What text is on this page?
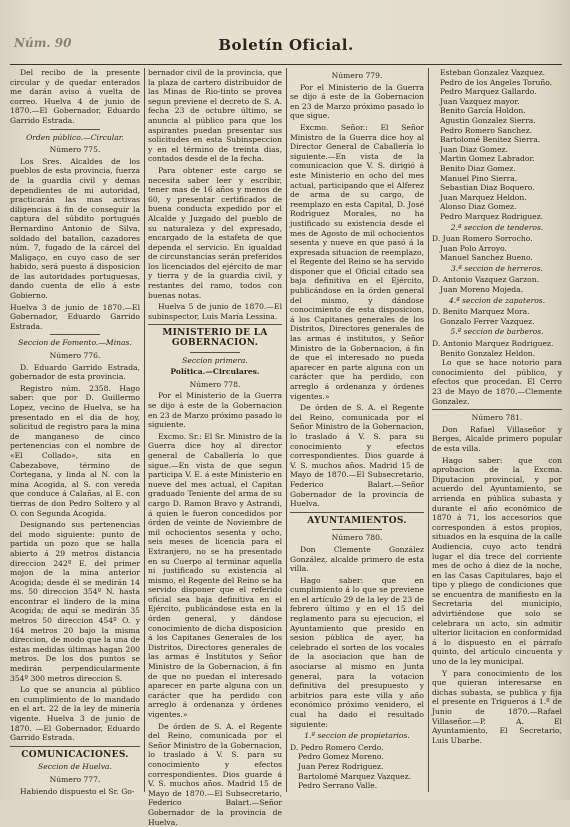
Núm. 90	Boletín Oficial.

Del recibo de la presente circular y de quedar enterados me darán aviso á vuelta de correo. Huelva 4 de junio de 1870.—El Gobernador, Eduardo Garrido Estrada.

Orden público.—Circular.

Número 775.

Los Sres. Alcaldes de los pueblos de esta provincia, fuerza de la guardia civil y demas dependientes de mi autoridad, practicarán las mas activas diligencias á fin de conseguir la captura del súbdito portugués Bernardino Antonio de Silva, soldado del batallon, cazadores núm. 7, fugado de la cárcel del Maligaço, en cuyo caso de ser habido, será puesto á disposicion de las autoridades portuguesas, dando cuenta de ello á este Gobierno.

Huelva 3 de junio de 1870.—El Gobernador, Eduardo Garrido Estrada.

Seccion de Fomento.—Minas.

Número 776.

D. Eduardo Garrido Estrada, gobernador de esta provincia.

Registro núm. 2358. Hago saber: que por D. Guillermo Lopez, vecino de Huelva, se ha presentado en el dia de hoy, solicitud de registro para la mina de manganeso de cinco pertenencias con el nombre de «El Collado», sita en Cabezabove, término de Cortegana, y linda al N. con la mina Acogida, al S. con vereda que conduce á Calañas, al E. con tierras de don Pedro Soltero y al O. con Segunda Acogida.

Designando sus pertenencias del modo siguiente: punto de partida un pozo que se halla abierto á 29 metros distancia direccion 242º E. del primer mojon de la mina anterior Acogida; desde él se medirán 14 ms. 50 direccion 354º N. hasta encontrar el lindero de la mina Acogida; de aquí se medirán 35 metros 50 direccion 454º O. y 164 metros 20 bajo la misma direccion, de modo que la una de estas medidas últimas hagan 200 metros. De los dos puntos se medirán perpendicularmente 354º 300 metros direccion S.

Lo que se anuncia al público en cumplimiento de lo mandado en el art. 22 de la ley de minería vigente. Huelva 3 de junio de 1870. —El Gobernador, Eduardo Garrido Estrada.

COMUNICACIONES.

Seccion de Huelva.

Número 777.

Habiendo dispuesto el Sr. Go-

bernador civil de la provincia, que la plaza de cartero distribuidor de las Minas de Rio-tinto se provea segun previene el decreto de S. A. fecha 23 de octubre último, se anuncia al público para que los aspirantes puedan presentar sus solicitudes en esta Subinspeccion y en el término de treinta dias, contados desde el de la fecha.

Para obtener este cargo se necesita saber leer y escribir, tener mas de 16 años y menos de 60, y presentar certificados de buena conducta expedido por el Alcalde y Juzgado del pueblo de su naturaleza y del expresado, encargado de la estafeta de que dependa el servicio. En igualdad de circunstancias serán preferidos los licenciados del ejército de mar y tierra y de la guardia civil, y restantes del ramo, todos con buenas notas.

Huelva 5 de junio de 1870.—El subinspector, Luis María Lessina.

MINISTERIO DE LA GOBERNACION.

Seccion primera.

Política.—Circulares.

Número 778.

Por el Ministerio de la Guerra se dijo á este de la Gobernacion en 23 de Marzo próximo pasado lo siguiente.

Excmo. Sr.: El Sr. Ministro de la Guerra dice hoy al director general de Caballería lo que sigue.—En vista de que segun participa V. E. á este Ministerio en nueve del mes actual, el Capitan graduado Teniente del arma de su cargo D. Ramon Bravo y Astrandi, á quien le fueron concedidos por órden de veinte de Noviembre de mil ochocientos sesenta y ocho, seis meses de licencia para el Extranjero, no se ha presentado en su Cuerpo al terminar aquella ni justificado su existencia al mismo, el Regente del Reino se ha servido disponer que el referido oficial sea baja definitiva en el Ejército, publicándose esta en la órden general, y dándose conocimiento de dicha disposicion á los Capitanes Generales de los Distritos, Directores generales de las armas é Institutos y Señor Ministro de la Gobernacion, á fin de que no puedan el interesado aparecer en parte alguna con un carácter que ha perdido con arreglo á ordenanza y órdenes vigentes.»

De órden de S. A. el Regente del Reino, comunicada por el Señor Ministro de la Gobernacion, lo traslado á V. S. para su conocimiento y efectos correspondientes. Dios guarde á V. S. muchos años. Madrid 15 de Mayo de 1870.—El Subsecretario, Federico Balart.—Señor Gobernador de la provincia de Huelva.

Número 779.

Por el Ministerio de la Guerra se dijo á este de la Gobernacion en 23 de Marzo próximo pasado lo que sigue.

Excmo. Señor.: El Señor Ministro de la Guerra dice hoy al Director General de Caballería lo siguiente.—En vista de la comunicacion que V. S. dirigió á este Ministerio en ocho del mes actual, participando que el Alferez de arma de su cargo, de reemplazo en esta Capital, D. José Rodriguez Morales, no ha justificado su existencia desde el mes de Agosto de mil ochocientos sesenta y nueve en que pasó á la expresada situacion de reemplazo, el Regente del Reino se ha servido disponer que el Oficial citado sea baja definitiva en el Ejército, publicándose en la órden general del mismo, y dándose conocimiento de esta disposicion, á los Capitanes generales de los Distritos, Directores generales de las armas é institutos, y Señor Ministro de la Gobernacion, á fin de que el interesado no pueda aparecer en parte alguna con un carácter que ha perdido, con arreglo á ordenanza y órdenes vigentes.»

De órden de S. A. el Regente del Reino, comunicada por el Señor Ministro de la Gobernacion, lo traslado á V. S. para su conocimiento y efectos correspondientes. Dios guarde á V. S. muchos años. Madrid 15 de Mayo de 1870.—El Subsecretario, Federico Balart.—Señor Gobernador de la provincia de Huelva.

AYUNTAMIENTOS.

Número 780.

Don Clemente González González, alcalde primero de esta villa.

Hago saber: que en cumplimiento á lo que se previene en el artículo 29 de la ley de 23 de febrero último y en el 15 del reglamento para su ejecucion, el Ayuntamiento que presido en sesion pública de ayer, ha celebrado el sorteo de los vocales de la asociacion que han de asociarse al mismo en Junta general, para la votacion definitiva del presupuesto y arbitrios para este villa y año económico próximo venidero, el cual ha dado el resultado siguiente:

1.ª seccion de propietarios.

D. Pedro Romero Cerdo.
Pedro Gomez Moreno.
Juan Perez Rodriguez.
Bartolomé Marquez Vazquez.
Pedro Serrano Valle.
Esteban Gonzalez Vazquez.
Pedro de los Angeles Toruño.
Pedro Marquez Gallardo.
Juan Vazquez mayor.
Benito García Holdon.
Agustin Gonzalez Sierra.
Pedro Romero Sanchez.
Bartolomé Benitez Sierra.
Juan Diaz Gomez.
Martin Gomez Labrador.
Benito Diaz Gomez.
Manuel Pino Sierra.
Sebastian Diaz Boquero.
Juan Marquez Heldon.
Alonso Diaz Gomez.
Pedro Marquez Rodriguez.

2.ª seccion de tenderos.

D. Juan Romero Sorrocho.
Juan Polo Arroyo.
Manuel Sanchez Bueno.

3.ª seccion de herreros.

D. Antonio Vazquez Garzon.
Juan Moreno Mojeda.

4.ª seccion de zapateros.

D. Benito Marquez Mora.
Gonzalo Ferrer Vazquez.

5.ª seccion de barberos.

D. Antonio Marquez Rodriguez.
Benito Gonzalez Heldon.

Lo que se hace notorio para conocimiento del público, y efectos que procedan. El Cerro 23 de Mayo de 1870.—Clemente Gonzalez.

Número 781.

Don Rafael Villaseñor y Berges, Alcalde primero popular de esta villa.

Hago saber: que con aprobacion de la Excma. Diputacion provincial, y por acuerdo del Ayuntamiento, se arrienda en pública subasta y durante el año económico de 1870 á 71, los accesorios que corresponden á estos propios, situados en la esquina de la calle Audiencia, cuyo acto tendrá lugar el día trece del corriente mes de ocho á diez de la noche, en las Casas Capitulares, bajo el tipo y pliego de condiciones que se encuentra de manifiesto en la Secretaria del municipio, advirtiéndose que solo se celebrara un acto, sin admitir ulterior licitacion en conformidad á lo dispuesto en el párrafo quinto, del artículo cincuenta y uno de la ley municipal.

Y para conocimiento de los que quieran interesarse en dichas subasta, se publica y fija el presente en Trigueros á 1.º de Junio de 1870.—Rafael Villaseñor.—P. A. El Ayuntamiento, El Secretario, Luis Ubarbe.
